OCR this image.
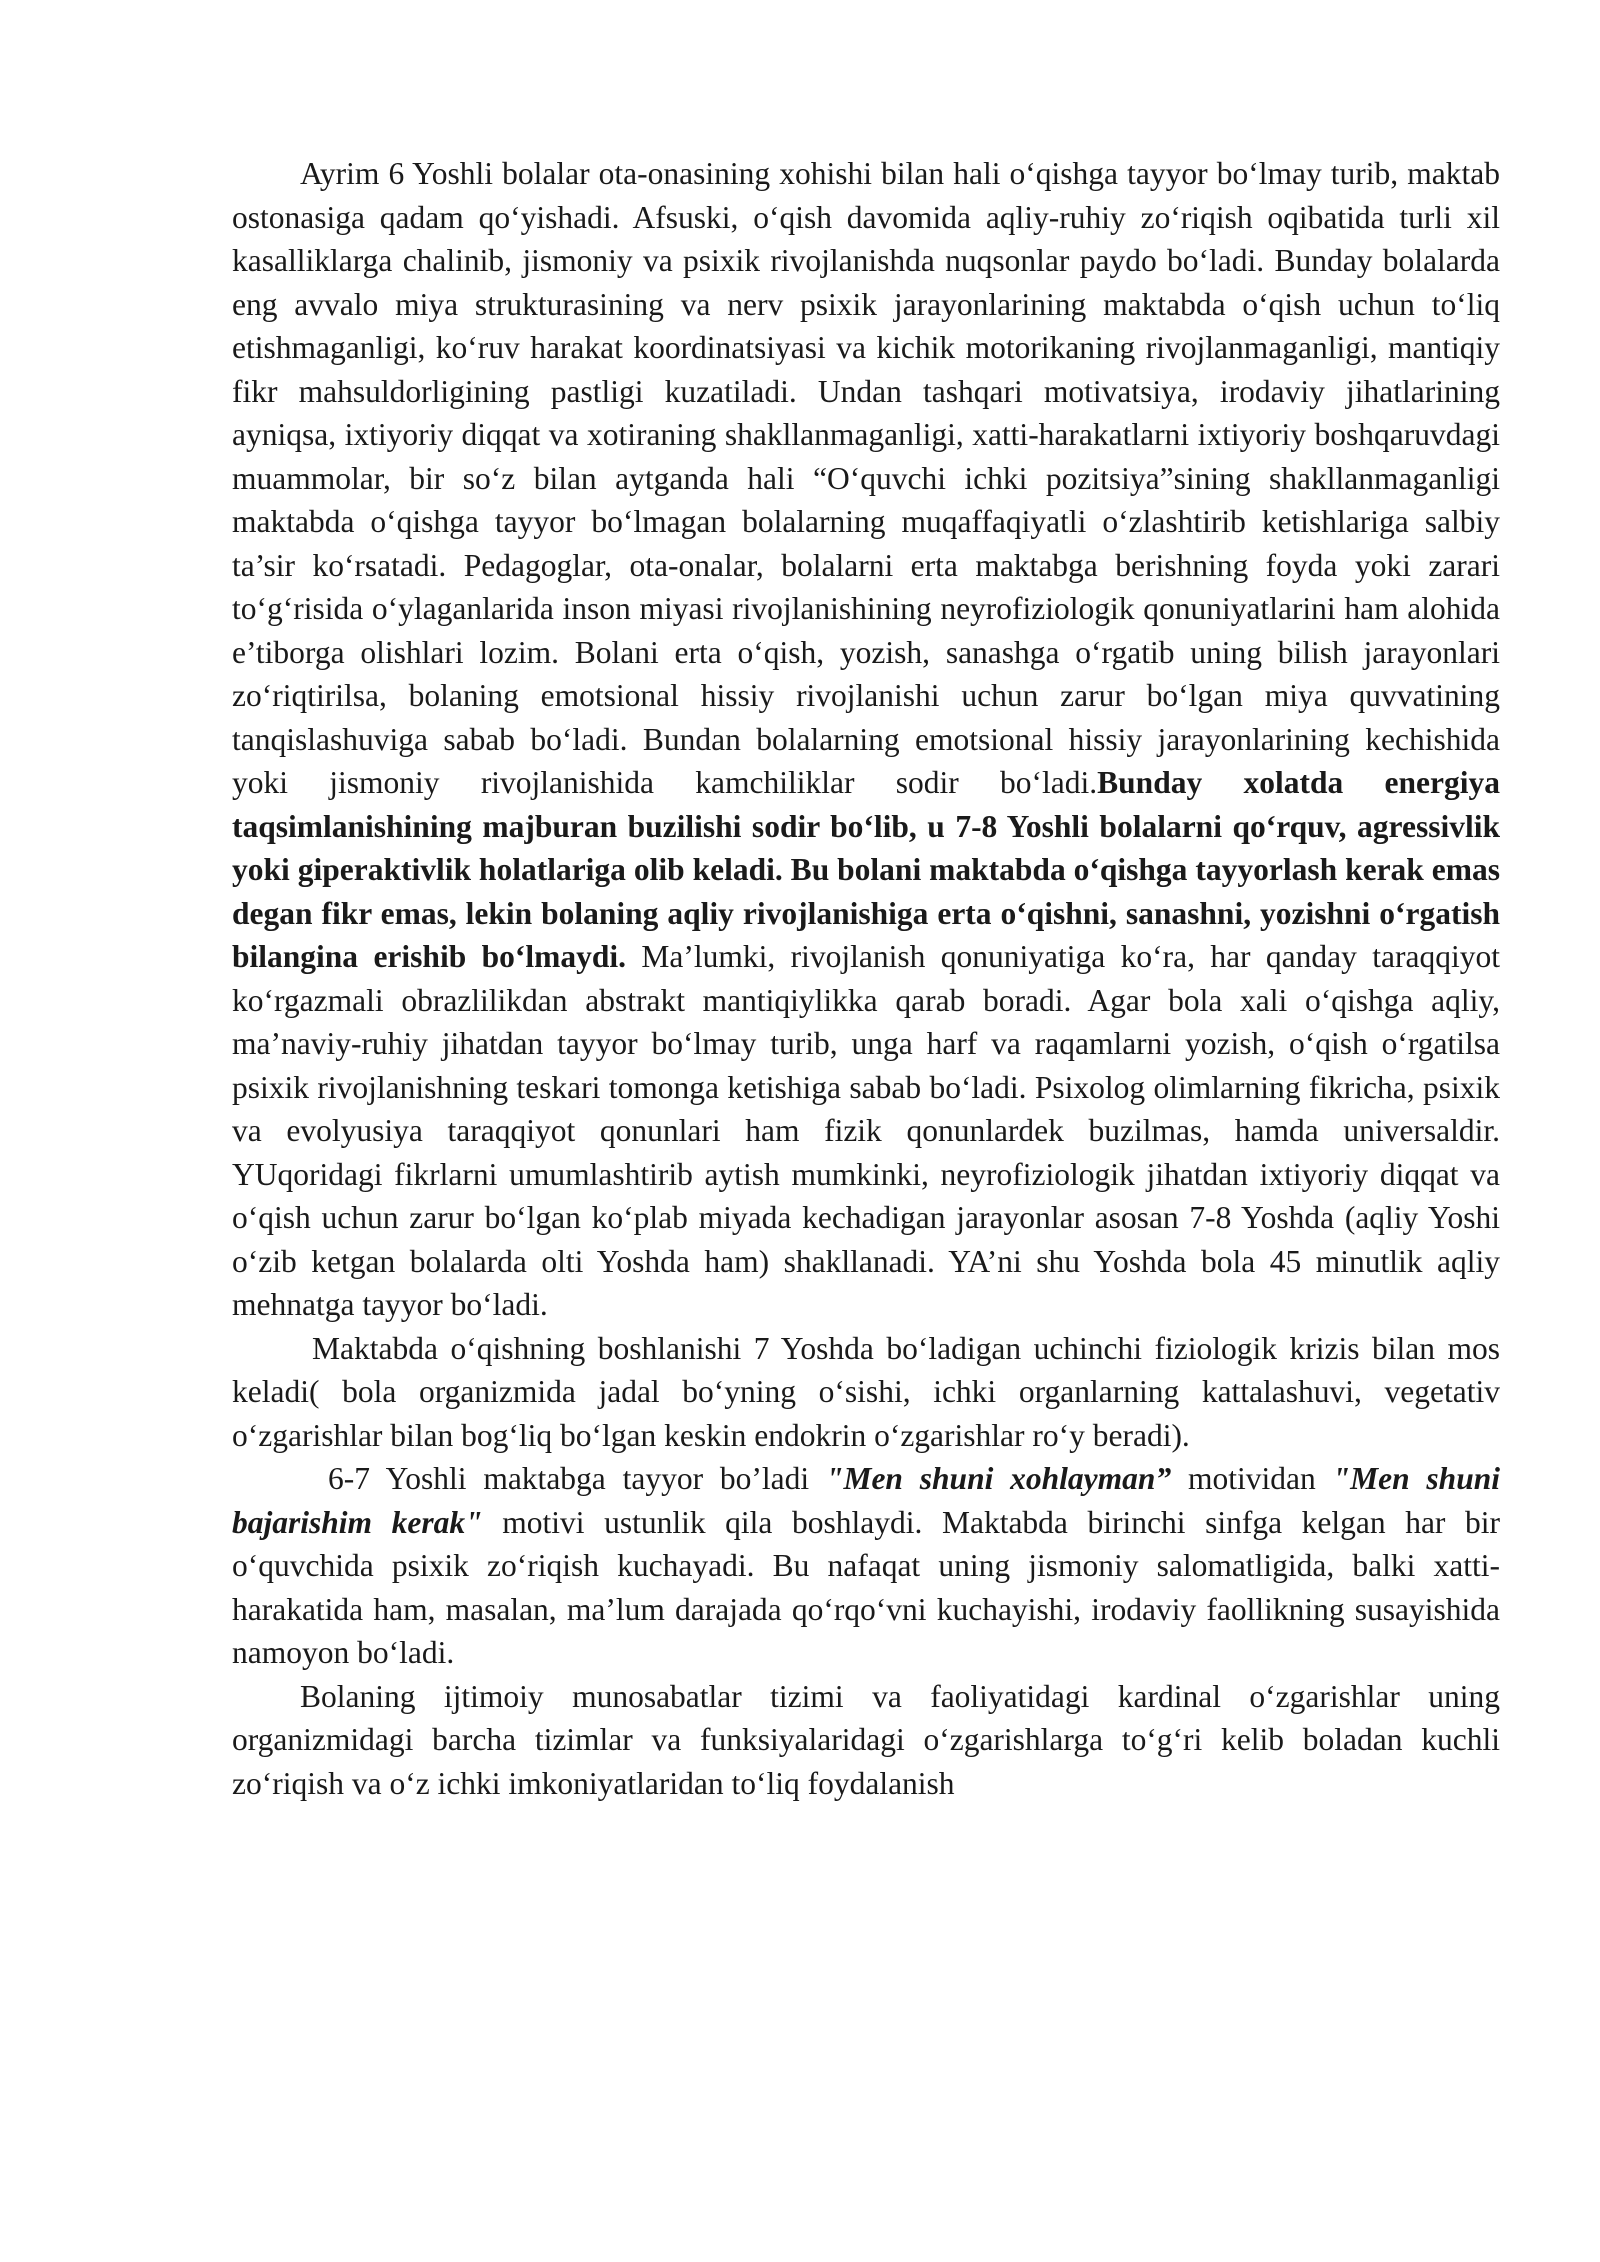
Ayrim 6 Yoshli bolalar ota-onasining xohishi bilan hali o‘qishga tayyor bo‘lmay turib, maktab ostonasiga qadam qo‘yishadi. Afsuski, o‘qish davomida aqliy-ruhiy zo‘riqish oqibatida turli xil kasalliklarga chalinib, jismoniy va psixik rivojlanishda nuqsonlar paydo bo‘ladi. Bunday bolalarda eng avvalo miya strukturasining va nerv psixik jarayonlarining maktabda o‘qish uchun to‘liq etishmaganligi, ko‘ruv harakat koordinatsiyasi va kichik motorikaning rivojlanmaganligi, mantiqiy fikr mahsuldorligining pastligi kuzatiladi. Undan tashqari motivatsiya, irodaviy jihatlarining ayniqsa, ixtiyoriy diqqat va xotiraning shakllanmaganligi, xatti-harakatlarni ixtiyoriy boshqaruvdagi muammolar, bir so‘z bilan aytganda hali “O‘quvchi ichki pozitsiya”sining shakllanmaganligi maktabda o‘qishga tayyor bo‘lmagan bolalarning muqaffaqiyatli o‘zlashtirib ketishlariga salbiy ta’sir ko‘rsatadi. Pedagoglar, ota-onalar, bolalarni erta maktabga berishning foyda yoki zarari to‘g‘risida o‘ylaganlarida inson miyasi rivojlanishining neyrofiziologik qonuniyatlarini ham alohida e’tiborga olishlari lozim. Bolani erta o‘qish, yozish, sanashga o‘rgatib uning bilish jarayonlari zo‘riqtirilsa, bolaning emotsional hissiy rivojlanishi uchun zarur bo‘lgan miya quvvatining tanqislashuviga sabab bo‘ladi. Bundan bolalarning emotsional hissiy jarayonlarining kechishida yoki jismoniy rivojlanishida kamchiliklar sodir bo‘ladi.Bunday xolatda energiya taqsimlanishining majburan buzilishi sodir bo‘lib, u 7-8 Yoshli bolalarni qo‘rquv, agressivlik yoki giperaktivlik holatlariga olib keladi. Bu bolani maktabda o‘qishga tayyorlash kerak emas degan fikr emas, lekin bolaning aqliy rivojlanishiga erta o‘qishni, sanashni, yozishni o‘rgatish bilangina erishib bo‘lmaydi. Ma’lumki, rivojlanish qonuniyatiga ko‘ra, har qanday taraqqiyot ko‘rgazmali obrazlilikdan abstrakt mantiqiylikka qarab boradi. Agar bola xali o‘qishga aqliy, ma’naviy-ruhiy jihatdan tayyor bo‘lmay turib, unga harf va raqamlarni yozish, o‘qish o‘rgatilsa psixik rivojlanishning teskari tomonga ketishiga sabab bo‘ladi. Psixolog olimlarning fikricha, psixik va evolyusiya taraqqiyot qonunlari ham fizik qonunlardek buzilmas, hamda universaldir. YUqoridagi fikrlarni umumlashtirib aytish mumkinki, neyrofiziologik jihatdan ixtiyoriy diqqat va o‘qish uchun zarur bo‘lgan ko‘plab miyada kechadigan jarayonlar asosan 7-8 Yoshda (aqliy Yoshi o‘zib ketgan bolalarda olti Yoshda ham) shakllanadi. YA’ni shu Yoshda bola 45 minutlik aqliy mehnatga tayyor bo‘ladi.

Maktabda o‘qishning boshlanishi 7 Yoshda bo‘ladigan uchinchi fiziologik krizis bilan mos keladi( bola organizmida jadal bo‘yning o‘sishi, ichki organlarning kattalashuvi, vegetativ o‘zgarishlar bilan bog‘liq bo‘lgan keskin endokrin o‘zgarishlar ro‘y beradi).

6-7 Yoshli maktabga tayyor bo’ladi "Men shuni xohlayman” motividan "Men shuni bajarishim kerak" motivi ustunlik qila boshlaydi. Maktabda birinchi sinfga kelgan har bir o‘quvchida psixik zo‘riqish kuchayadi. Bu nafaqat uning jismoniy salomatligida, balki xatti-harakatida ham, masalan, ma’lum darajada qo‘rqo‘vni kuchayishi, irodaviy faollikning susayishida namoyon bo‘ladi.

Bolaning ijtimoiy munosabatlar tizimi va faoliyatidagi kardinal o‘zgarishlar uning organizmidagi barcha tizimlar va funksiyalaridagi o‘zgarishlarga to‘g‘ri kelib boladan kuchli zo‘riqish va o‘z ichki imkoniyatlaridan to‘liq foydalanish
